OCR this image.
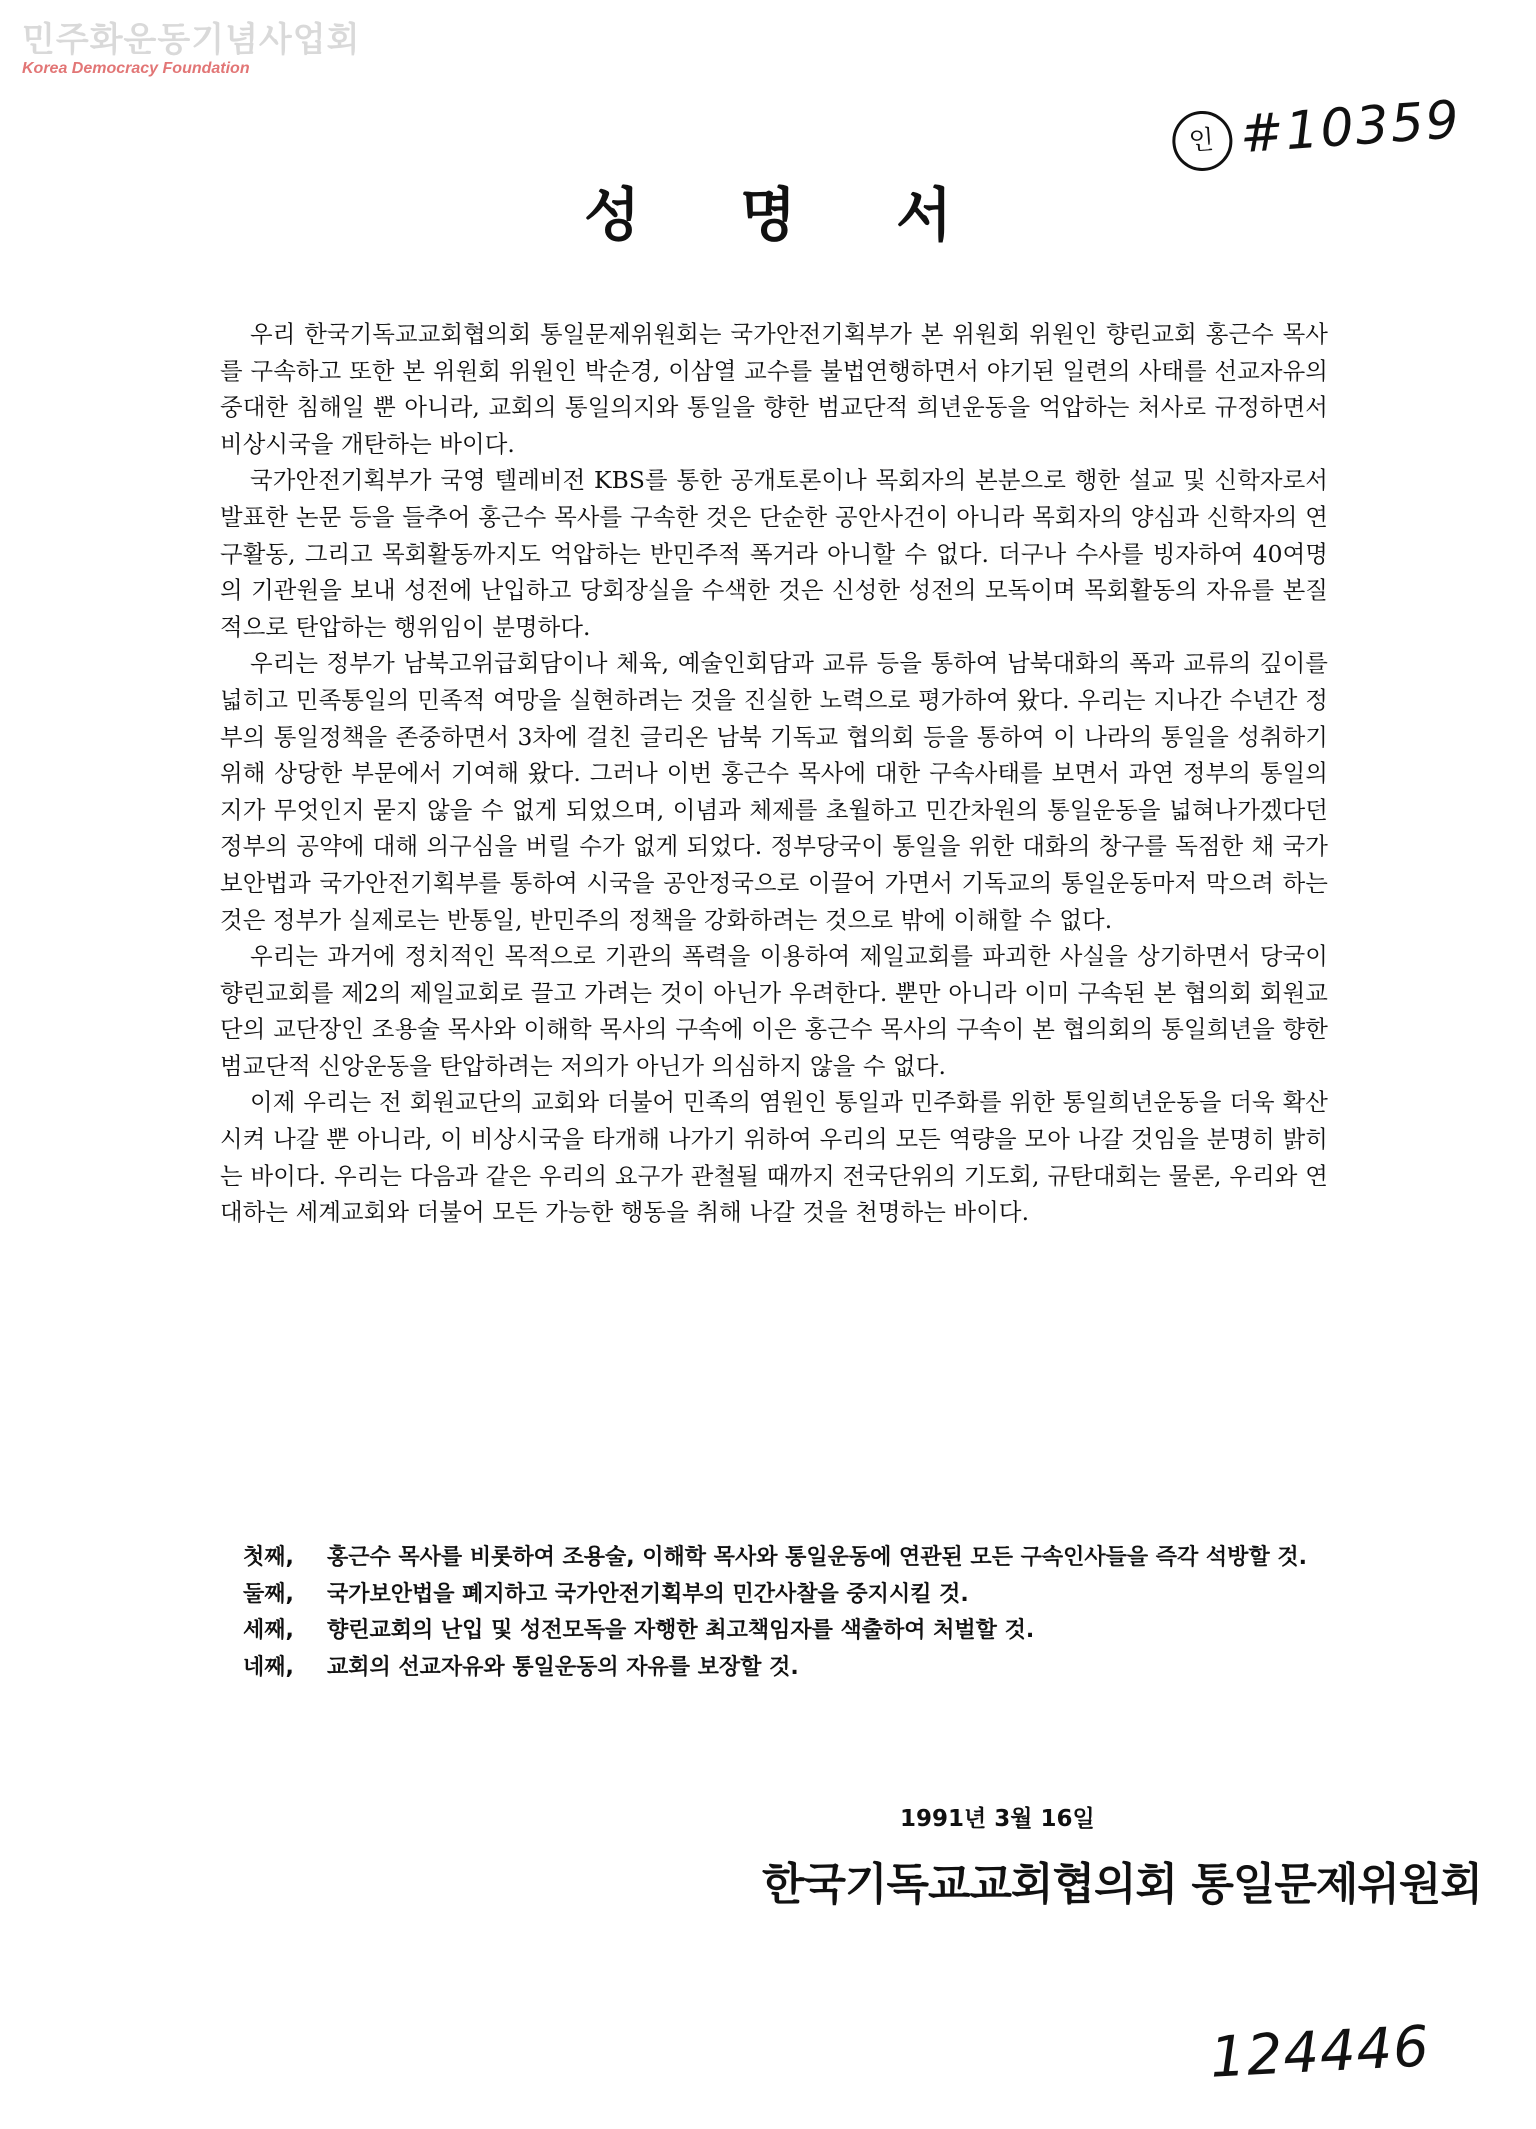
민주화운동기념사업회
Korea Democracy Foundation
인 #10359
성명서

우리 한국기독교교회협의회 통일문제위원회는 국가안전기획부가 본 위원회 위원인 향린교회 홍근수 목사를 구속하고 또한 본 위원회 위원인 박순경, 이삼열 교수를 불법연행하면서 야기된 일련의 사태를 선교자유의 중대한 침해일 뿐 아니라, 교회의 통일의지와 통일을 향한 범교단적 희년운동을 억압하는 처사로 규정하면서 비상시국을 개탄하는 바이다.

국가안전기획부가 국영 텔레비전 KBS를 통한 공개토론이나 목회자의 본분으로 행한 설교 및 신학자로서 발표한 논문 등을 들추어 홍근수 목사를 구속한 것은 단순한 공안사건이 아니라 목회자의 양심과 신학자의 연구활동, 그리고 목회활동까지도 억압하는 반민주적 폭거라 아니할 수 없다. 더구나 수사를 빙자하여 40여명의 기관원을 보내 성전에 난입하고 당회장실을 수색한 것은 신성한 성전의 모독이며 목회활동의 자유를 본질적으로 탄압하는 행위임이 분명하다.

우리는 정부가 남북고위급회담이나 체육, 예술인회담과 교류 등을 통하여 남북대화의 폭과 교류의 깊이를 넓히고 민족통일의 민족적 여망을 실현하려는 것을 진실한 노력으로 평가하여 왔다. 우리는 지나간 수년간 정부의 통일정책을 존중하면서 3차에 걸친 글리온 남북 기독교 협의회 등을 통하여 이 나라의 통일을 성취하기 위해 상당한 부문에서 기여해 왔다. 그러나 이번 홍근수 목사에 대한 구속사태를 보면서 과연 정부의 통일의지가 무엇인지 묻지 않을 수 없게 되었으며, 이념과 체제를 초월하고 민간차원의 통일운동을 넓혀나가겠다던 정부의 공약에 대해 의구심을 버릴 수가 없게 되었다. 정부당국이 통일을 위한 대화의 창구를 독점한 채 국가보안법과 국가안전기획부를 통하여 시국을 공안정국으로 이끌어 가면서 기독교의 통일운동마저 막으려 하는 것은 정부가 실제로는 반통일, 반민주의 정책을 강화하려는 것으로 밖에 이해할 수 없다.

우리는 과거에 정치적인 목적으로 기관의 폭력을 이용하여 제일교회를 파괴한 사실을 상기하면서 당국이 향린교회를 제2의 제일교회로 끌고 가려는 것이 아닌가 우려한다. 뿐만 아니라 이미 구속된 본 협의회 회원교단의 교단장인 조용술 목사와 이해학 목사의 구속에 이은 홍근수 목사의 구속이 본 협의회의 통일희년을 향한 범교단적 신앙운동을 탄압하려는 저의가 아닌가 의심하지 않을 수 없다.

이제 우리는 전 회원교단의 교회와 더불어 민족의 염원인 통일과 민주화를 위한 통일희년운동을 더욱 확산시켜 나갈 뿐 아니라, 이 비상시국을 타개해 나가기 위하여 우리의 모든 역량을 모아 나갈 것임을 분명히 밝히는 바이다. 우리는 다음과 같은 우리의 요구가 관철될 때까지 전국단위의 기도회, 규탄대회는 물론, 우리와 연대하는 세계교회와 더불어 모든 가능한 행동을 취해 나갈 것을 천명하는 바이다.

첫째, 홍근수 목사를 비롯하여 조용술, 이해학 목사와 통일운동에 연관된 모든 구속인사들을 즉각 석방할 것.
둘째, 국가보안법을 폐지하고 국가안전기획부의 민간사찰을 중지시킬 것.
세째, 향린교회의 난입 및 성전모독을 자행한 최고책임자를 색출하여 처벌할 것.
네째, 교회의 선교자유와 통일운동의 자유를 보장할 것.
1991년 3월 16일
한국기독교교회협의회 통일문제위원회
124446
